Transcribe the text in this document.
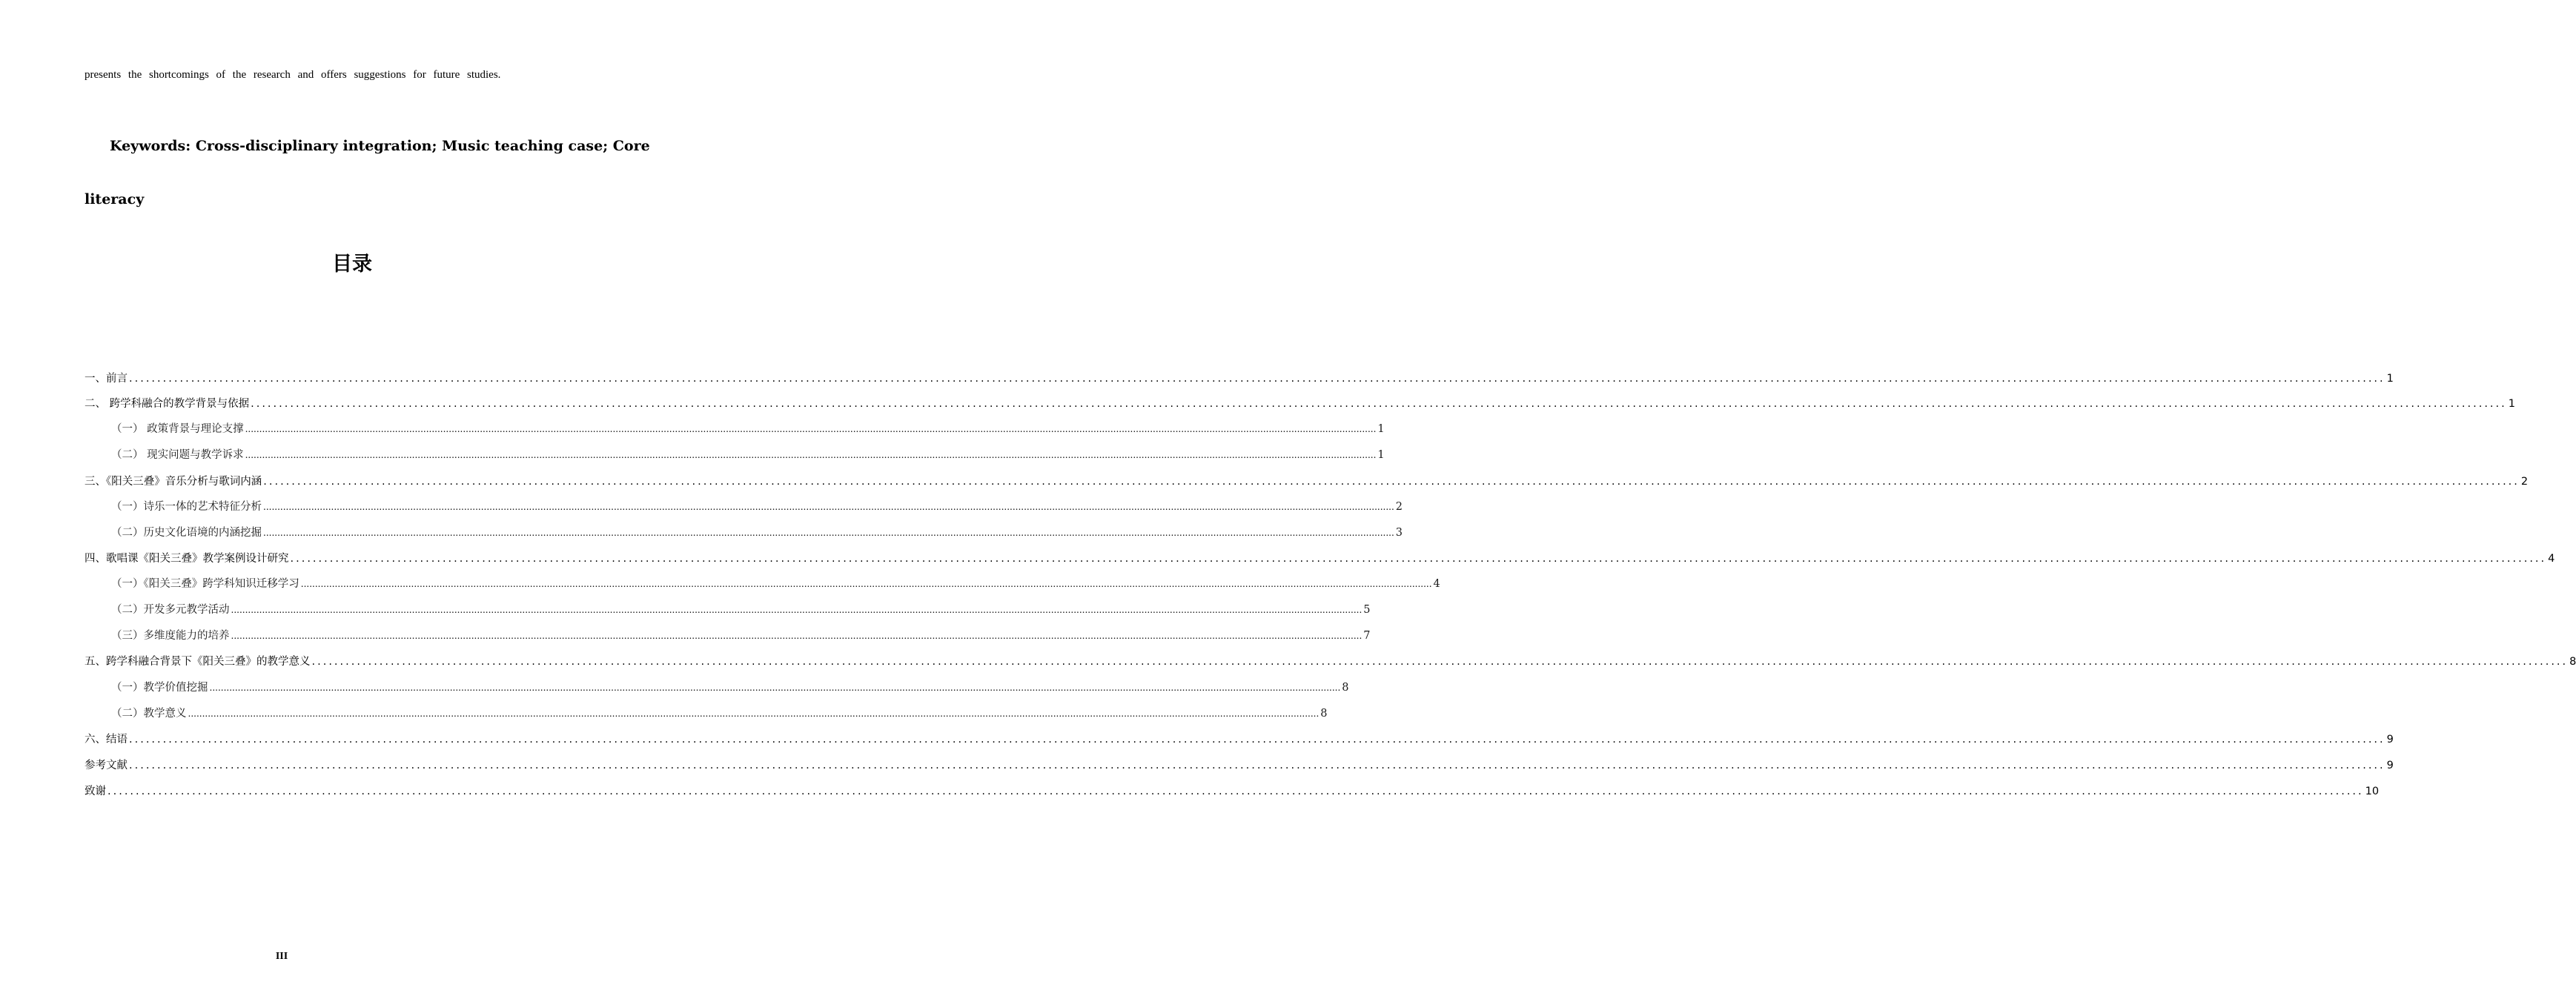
presents the shortcomings of the research and offers suggestions for future studies.
Keywords: Cross-disciplinary integration; Music teaching case; Core
literacy
目录
一、前言 ................................................................................................................................................................................................................................................................................................................................................................................................................ 1
二、 跨学科融合的教学背景与依据 ................................................................................................................................................................................................................................................................................................................................................................................................................ 1
（一） 政策背景与理论支撑 ................................................................................................................................................................................................................................................................................................................................................................................................................ 1
（二） 现实问题与教学诉求 ................................................................................................................................................................................................................................................................................................................................................................................................................ 1
三、《阳关三叠》音乐分析与歌词内涵 ................................................................................................................................................................................................................................................................................................................................................................................................................ 2
（一）诗乐一体的艺术特征分析 ................................................................................................................................................................................................................................................................................................................................................................................................................ 2
（二）历史文化语境的内涵挖掘 ................................................................................................................................................................................................................................................................................................................................................................................................................ 3
四、歌唱课《阳关三叠》教学案例设计研究 ................................................................................................................................................................................................................................................................................................................................................................................................................ 4
（一）《阳关三叠》跨学科知识迁移学习 ................................................................................................................................................................................................................................................................................................................................................................................................................ 4
（二）开发多元教学活动 ................................................................................................................................................................................................................................................................................................................................................................................................................ 5
（三）多维度能力的培养 ................................................................................................................................................................................................................................................................................................................................................................................................................ 7
五、跨学科融合背景下《阳关三叠》的教学意义 ................................................................................................................................................................................................................................................................................................................................................................................................................ 8
（一）教学价值挖掘 ................................................................................................................................................................................................................................................................................................................................................................................................................ 8
（二）教学意义 ................................................................................................................................................................................................................................................................................................................................................................................................................ 8
六、结语 ................................................................................................................................................................................................................................................................................................................................................................................................................ 9
参考文献 ................................................................................................................................................................................................................................................................................................................................................................................................................ 9
致谢 ................................................................................................................................................................................................................................................................................................................................................................................................................ 10
III
